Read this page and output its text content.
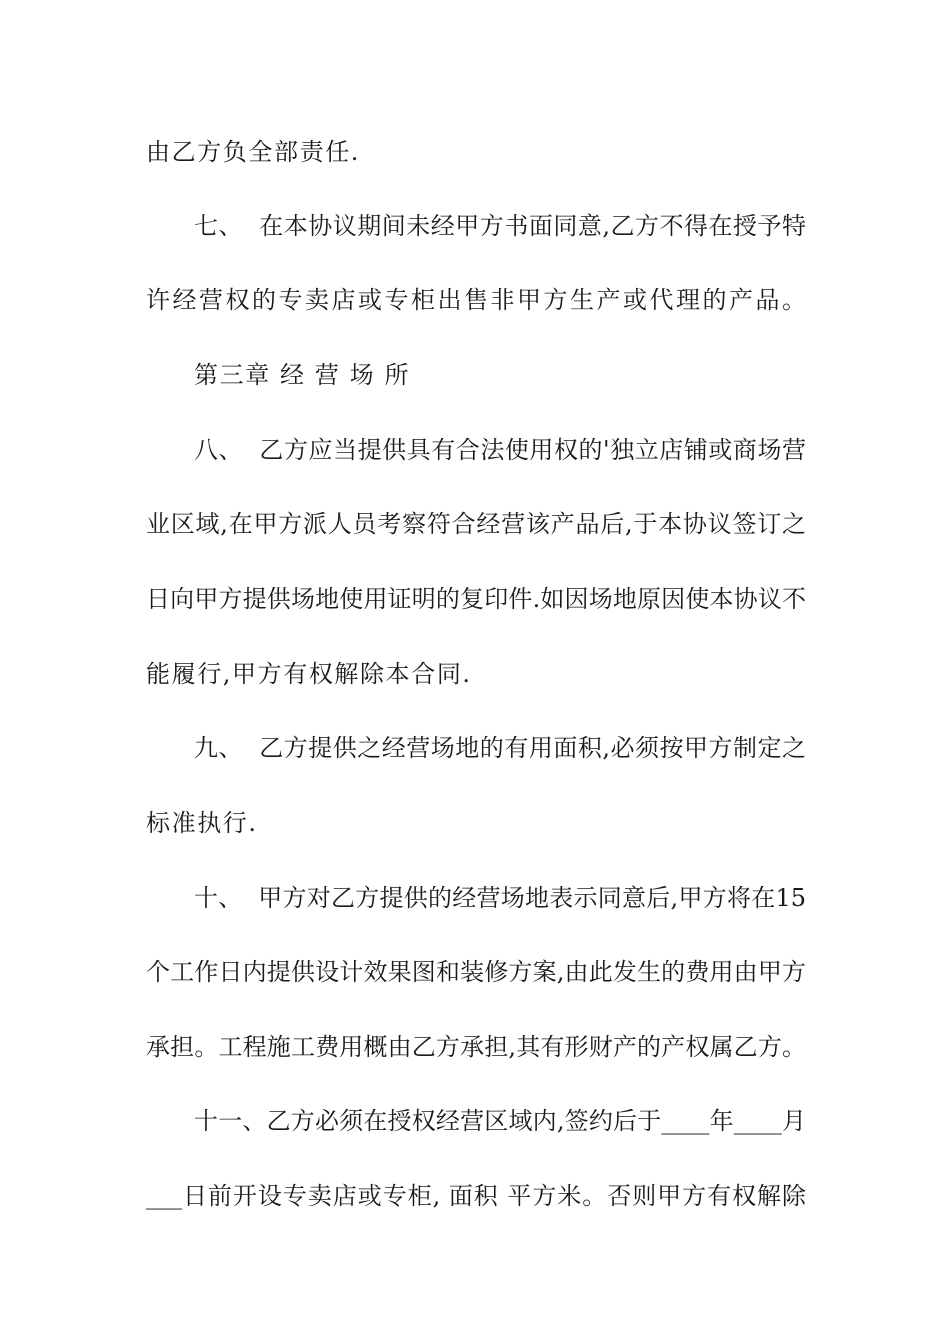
由乙方负全部责任.
七、  在本协议期间未经甲方书面同意,乙方不得在授予特
许经营权的专卖店或专柜出售非甲方生产或代理的产品。
第三章 经 营 场 所
八、  乙方应当提供具有合法使用权的'独立店铺或商场营
业区域,在甲方派人员考察符合经营该产品后,于本协议签订之
日向甲方提供场地使用证明的复印件.如因场地原因使本协议不
能履行,甲方有权解除本合同.
九、  乙方提供之经营场地的有用面积,必须按甲方制定之
标准执行.
十、  甲方对乙方提供的经营场地表示同意后,甲方将在15
个工作日内提供设计效果图和装修方案,由此发生的费用由甲方
承担。工程施工费用概由乙方承担,其有形财产的产权属乙方。
十一、乙方必须在授权经营区域内,签约后于____年____月
___日前开设专卖店或专柜, 面积 平方米。否则甲方有权解除
